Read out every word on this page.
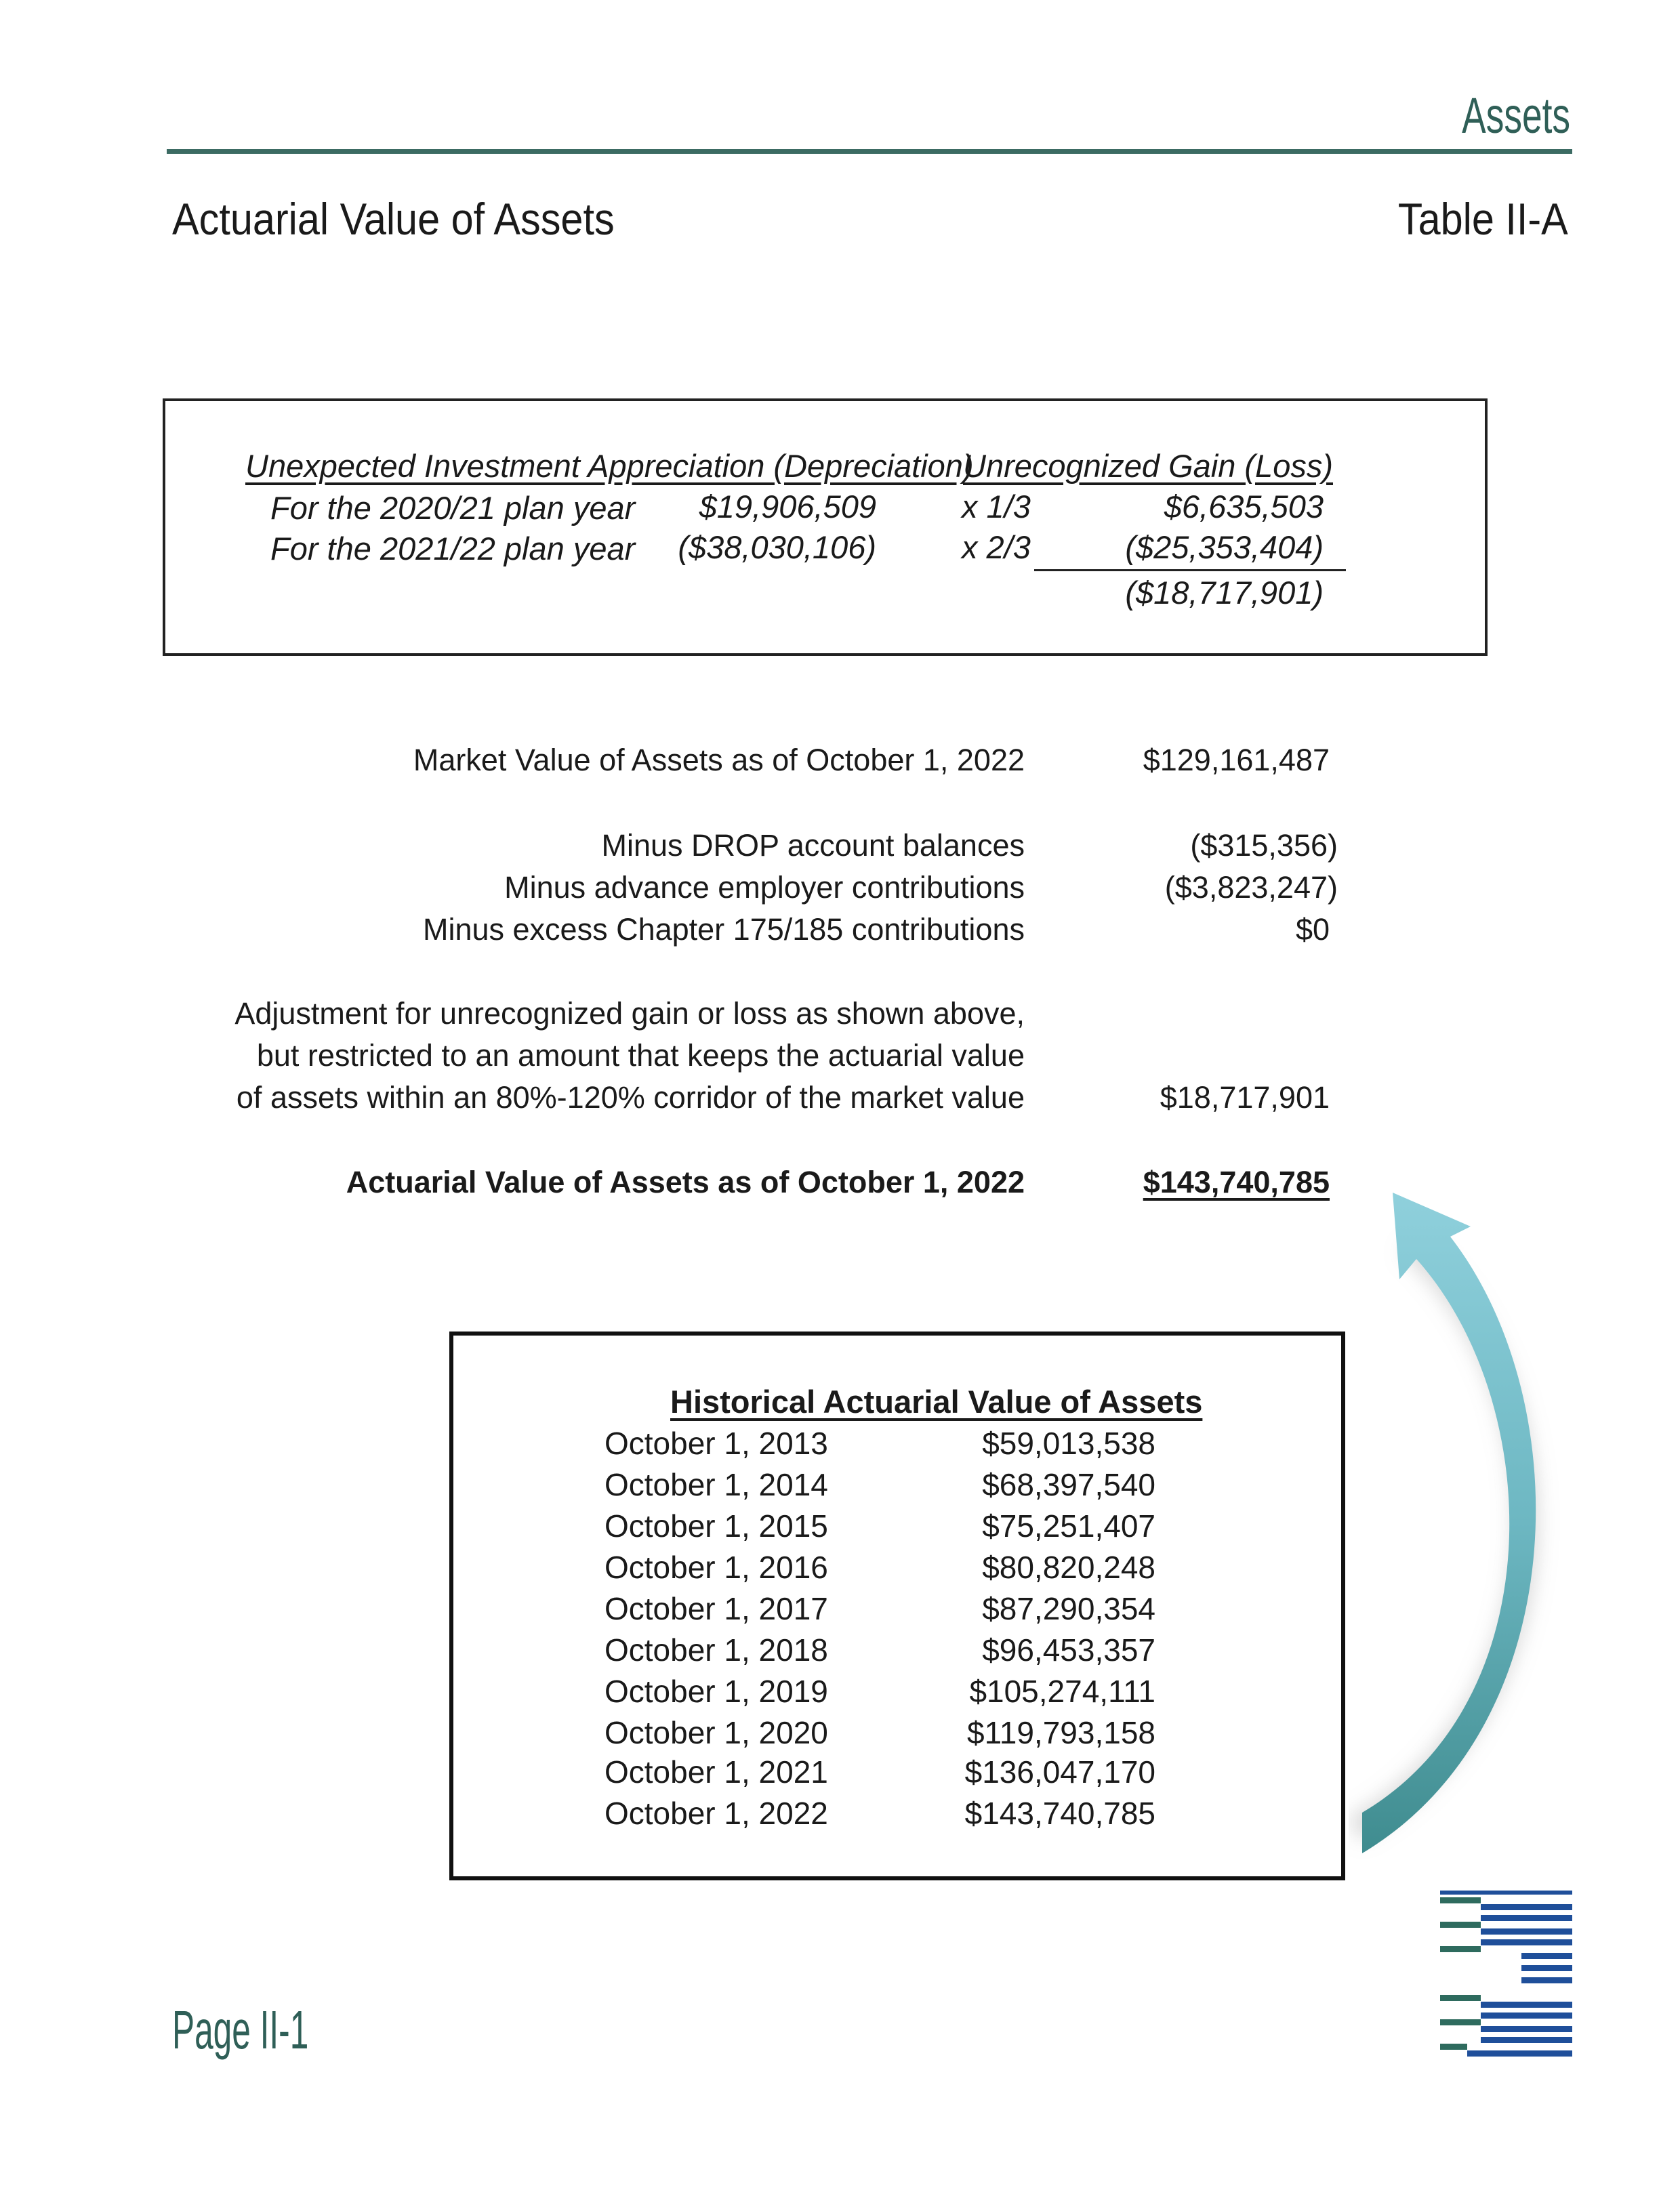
Assets
Actuarial Value of Assets	Table II-A
Unexpected Investment Appreciation (Depreciation)
Unrecognized Gain (Loss)
For the 2020/21 plan year $19,906,509	x 1/3	$6,635,503
For the 2021/22 plan year ($38,030,106)	x 2/3	($25,353,404)
($18,717,901)
Market Value of Assets as of October 1, 2022	$129,161,487
Minus DROP account balances	($315,356)
Minus advance employer contributions	($3,823,247)
Minus excess Chapter 175/185 contributions	$0
Adjustment for unrecognized gain or loss as shown above,
but restricted to an amount that keeps the actuarial value
of assets within an 80%-120% corridor of the market value	$18,717,901
Actuarial Value of Assets as of October 1, 2022	$143,740,785
Historical Actuarial Value of Assets
October 1, 2013	$59,013,538
October 1, 2014	$68,397,540
October 1, 2015	$75,251,407
October 1, 2016	$80,820,248
October 1, 2017	$87,290,354
October 1, 2018	$96,453,357
October 1, 2019	$105,274,111
October 1, 2020	$119,793,158
October 1, 2021	$136,047,170
October 1, 2022	$143,740,785
Page II-1
